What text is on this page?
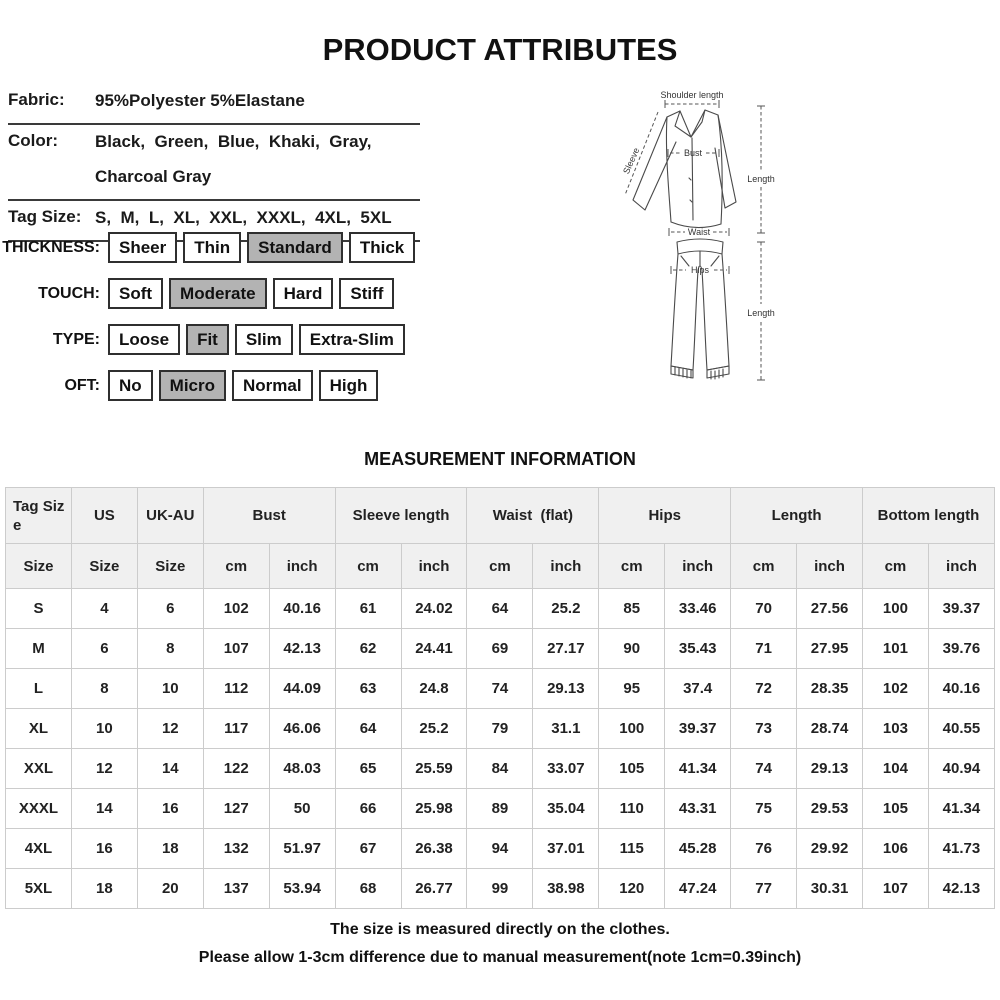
PRODUCT ATTRIBUTES
Fabric:	95%Polyester 5%Elastane
Color:	Black,  Green,  Blue,  Khaki,  Gray,
Charcoal Gray
Tag Size: S,  M,  L,  XL,  XXL,  XXXL,  4XL,  5XL
THICKNESS:	Sheer	Thin	Standard	Thick
TOUCH:	Soft	Moderate	Hard	Stiff
TYPE:	Loose	Fit	Slim	Extra-Slim
OFT:	No	Micro	Normal	High
Shoulder length
Sleeve	Bust
Length
Waist
Hips
Length
MEASUREMENT INFORMATION
Tag Size	US	UK-AU	Bust		Sleeve length		Waist  (flat)		Hips		Length		Bottom length	
Size	Size	Size	cm	inch	cm	inch	cm	inch	cm	inch	cm	inch	cm	inch
S	4	6	102	40.16	61	24.02	64	25.2	85	33.46	70	27.56	100	39.37
M	6	8	107	42.13	62	24.41	69	27.17	90	35.43	71	27.95	101	39.76
L	8	10	112	44.09	63	24.8	74	29.13	95	37.4	72	28.35	102	40.16
XL	10	12	117	46.06	64	25.2	79	31.1	100	39.37	73	28.74	103	40.55
XXL	12	14	122	48.03	65	25.59	84	33.07	105	41.34	74	29.13	104	40.94
XXXL	14	16	127	50	66	25.98	89	35.04	110	43.31	75	29.53	105	41.34
4XL	16	18	132	51.97	67	26.38	94	37.01	115	45.28	76	29.92	106	41.73
5XL	18	20	137	53.94	68	26.77	99	38.98	120	47.24	77	30.31	107	42.13
The size is measured directly on the clothes.
Please allow 1-3cm difference due to manual measurement(note 1cm=0.39inch)
